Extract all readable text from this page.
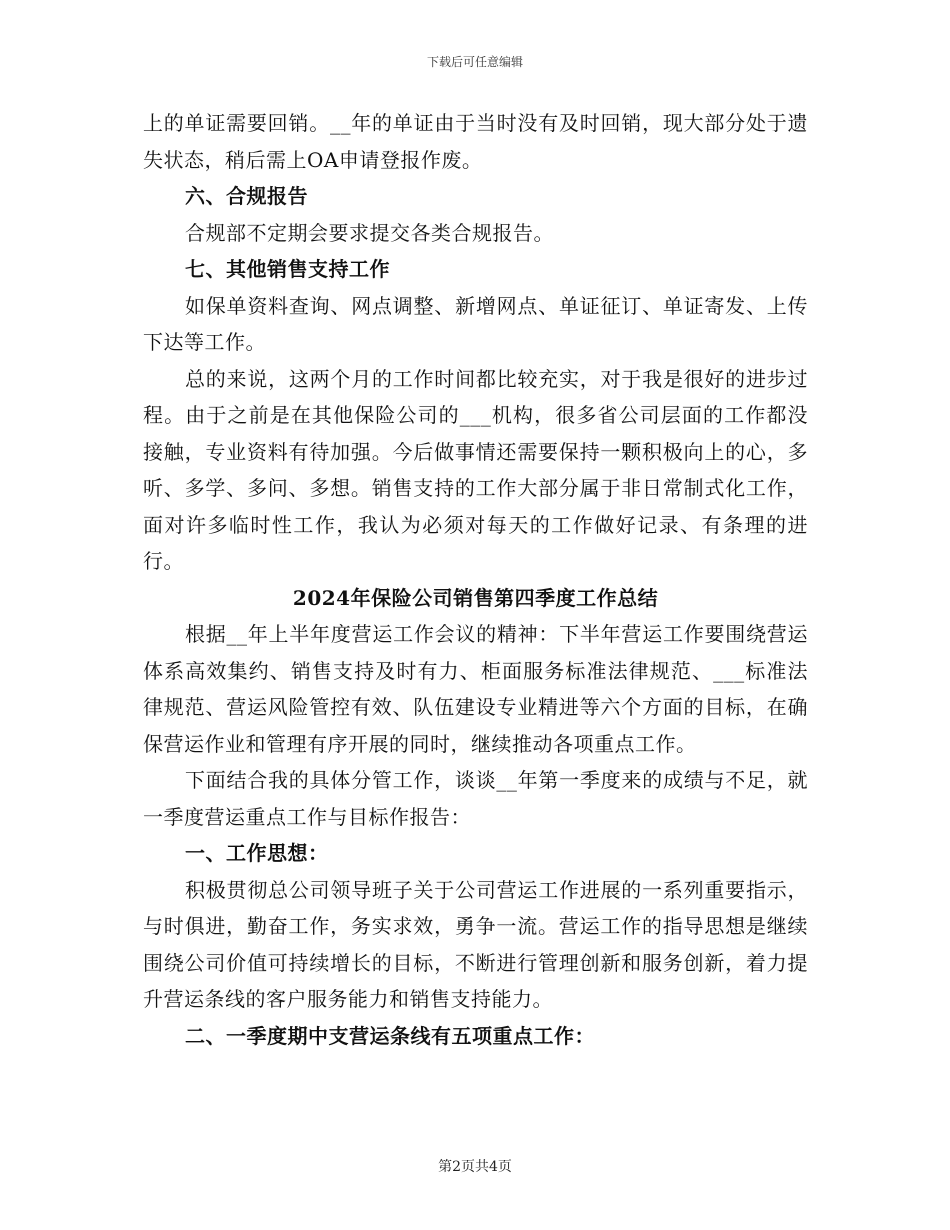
下载后可任意编辑

上的单证需要回销。__年的单证由于当时没有及时回销，现大部分处于遗失状态，稍后需上OA申请登报作废。

六、合规报告

合规部不定期会要求提交各类合规报告。

七、其他销售支持工作

如保单资料查询、网点调整、新增网点、单证征订、单证寄发、上传下达等工作。

总的来说，这两个月的工作时间都比较充实，对于我是很好的进步过程。由于之前是在其他保险公司的___机构，很多省公司层面的工作都没接触，专业资料有待加强。今后做事情还需要保持一颗积极向上的心，多听、多学、多问、多想。销售支持的工作大部分属于非日常制式化工作，面对许多临时性工作，我认为必须对每天的工作做好记录、有条理的进行。

2024年保险公司销售第四季度工作总结

根据__年上半年度营运工作会议的精神：下半年营运工作要围绕营运体系高效集约、销售支持及时有力、柜面服务标准法律规范、___标准法律规范、营运风险管控有效、队伍建设专业精进等六个方面的目标，在确保营运作业和管理有序开展的同时，继续推动各项重点工作。

下面结合我的具体分管工作，谈谈__年第一季度来的成绩与不足，就一季度营运重点工作与目标作报告：

一、工作思想：

积极贯彻总公司领导班子关于公司营运工作进展的一系列重要指示，与时俱进，勤奋工作，务实求效，勇争一流。营运工作的指导思想是继续围绕公司价值可持续增长的目标，不断进行管理创新和服务创新，着力提升营运条线的客户服务能力和销售支持能力。

二、一季度期中支营运条线有五项重点工作：

第2页共4页
